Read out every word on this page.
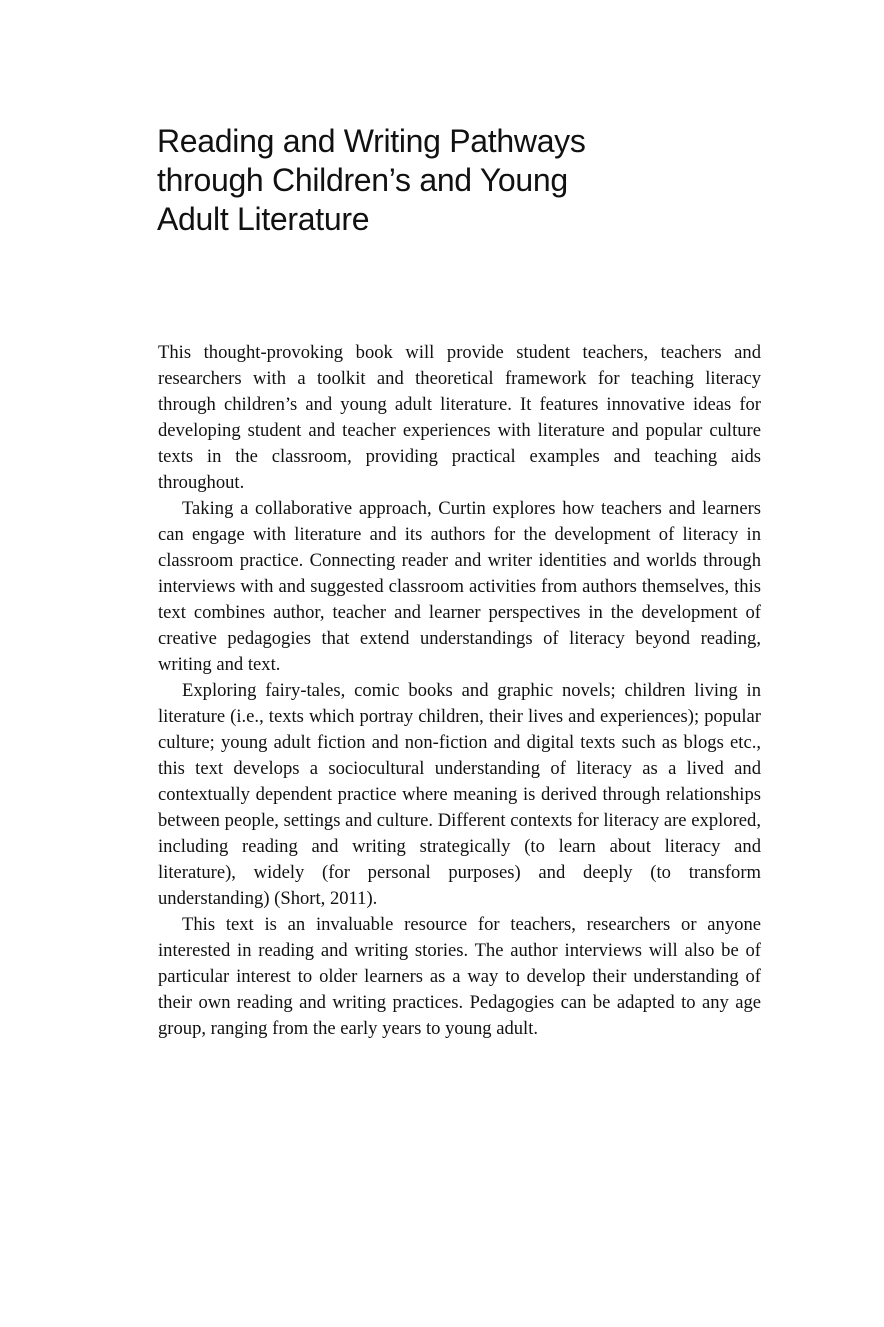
Reading and Writing Pathways
through Children’s and Young
Adult Literature

This thought-provoking book will provide student teachers, teachers and researchers with a toolkit and theoretical framework for teaching literacy through children’s and young adult literature. It features innovative ideas for developing student and teacher experiences with literature and popular culture texts in the classroom, providing practical examples and teaching aids throughout.

Taking a collaborative approach, Curtin explores how teachers and learners can engage with literature and its authors for the development of literacy in classroom practice. Connecting reader and writer identities and worlds through interviews with and suggested classroom activities from authors themselves, this text combines author, teacher and learner perspectives in the development of creative pedagogies that extend understandings of literacy beyond reading, writing and text.

Exploring fairy-tales, comic books and graphic novels; children living in literature (i.e., texts which portray children, their lives and experiences); popular culture; young adult fiction and non-fiction and digital texts such as blogs etc., this text develops a sociocultural understanding of literacy as a lived and contextually dependent practice where meaning is derived through relationships between people, settings and culture. Different contexts for literacy are explored, including reading and writing strategically (to learn about literacy and literature), widely (for personal purposes) and deeply (to transform understanding) (Short, 2011).

This text is an invaluable resource for teachers, researchers or anyone interested in reading and writing stories. The author interviews will also be of particular interest to older learners as a way to develop their understanding of their own reading and writing practices. Pedagogies can be adapted to any age group, ranging from the early years to young adult.
